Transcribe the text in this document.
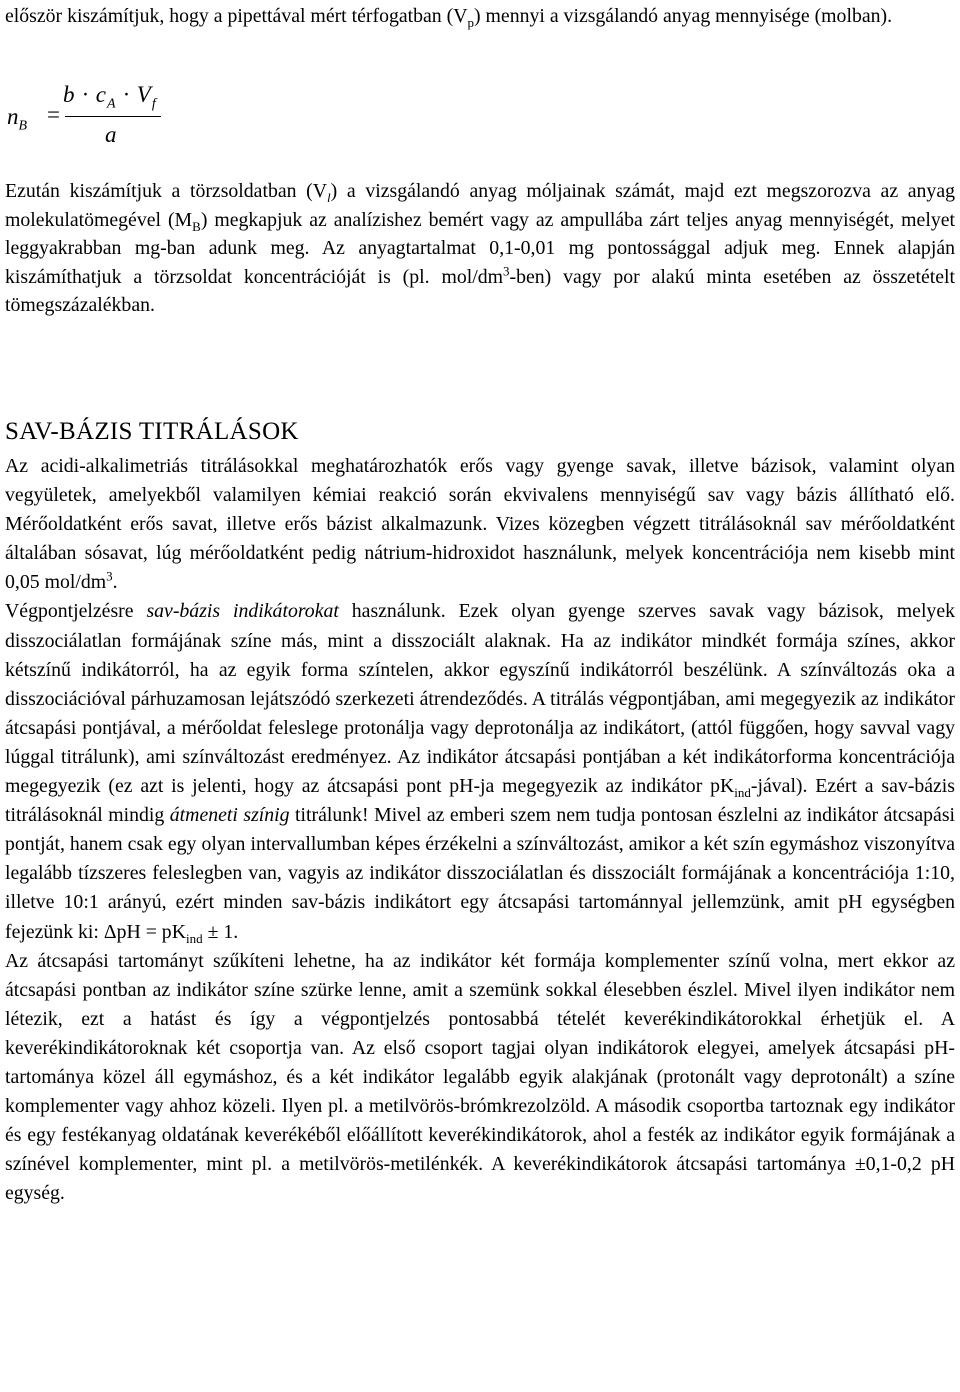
először kiszámítjuk, hogy a pipettával mért térfogatban $(V_p)$ mennyi a vizsgálandó anyag mennyisége (molban).
$n_B$ =
$b \cdot c_A \cdot V_f$
a
Ezután kiszámítjuk a törzsoldatban $(V_l)$ a vizsgálandó anyag móljainak számát, majd ezt megszorozva az anyag molekulatömegével $(M_B)$ megkapjuk az analízishez bemért vagy az ampullába zárt teljes anyag mennyiségét, melyet leggyakrabban mg-ban adunk meg. Az anyagtartalmat 0,1-0,01 mg pontossággal adjuk meg. Ennek alapján kiszámíthatjuk a törzsoldat koncentrációját is (pl. mol/$dm^3-ben$) vagy por alakú minta esetében az összetételt tömegszázalékban.
SAV-BÁZIS TITRÁLÁSOK

Az acidi-alkalimetriás titrálásokkal meghatározhatók erős vagy gyenge savak, illetve bázisok, valamint olyan vegyületek, amelyekből valamilyen kémiai reakció során ekvivalens mennyiségű sav vagy bázis állítható elő. Mérőoldatként erős savat, illetve erős bázist alkalmazunk. Vizes közegben végzett titrálásoknál sav mérőoldatként általában sósavat, lúg mérőoldatként pedig nátrium-hidroxidot használunk, melyek koncentrációja nem kisebb mint 0,05 mol/$dm^3$.

Végpontjelzésre sav-bázis indikátorokat használunk. Ezek olyan gyenge szerves savak vagy bázisok, melyek disszociálatlan formájának színe más, mint a disszociált alaknak. Ha az indikátor mindkét formája színes, akkor kétszínű indikátorról, ha az egyik forma színtelen, akkor egyszínű indikátorról beszélünk. A színváltozás oka a disszociációval párhuzamosan lejátszódó szerkezeti átrendeződés. A titrálás végpontjában, ami megegyezik az indikátor átcsapási pontjával, a mérőoldat feleslege protonálja vagy deprotonálja az indikátort, (attól függően, hogy savval vagy lúggal titrálunk), ami színváltozást eredményez. Az indikátor átcsapási pontjában a két indikátorforma koncentrációja megegyezik (ez azt is jelenti, hogy az átcsapási pont pH-ja megegyezik az indikátor $pK_{ind}-jával$). Ezért a sav-bázis titrálásoknál mindig átmeneti színig titrálunk! Mivel az emberi szem nem tudja pontosan észlelni az indikátor átcsapási pontját, hanem csak egy olyan intervallumban képes érzékelni a színváltozást, amikor a két szín egymáshoz viszonyítva legalább tízszeres feleslegben van, vagyis az indikátor disszociálatlan és disszociált formájának a koncentrációja 1:10, illetve 10:1 arányú, ezért minden sav-bázis indikátort egy átcsapási tartománnyal jellemzünk, amit pH egységben fejezünk ki: $\Delta pH = pK_{ind} \pm 1$.

Az átcsapási tartományt szűkíteni lehetne, ha az indikátor két formája komplementer színű volna, mert ekkor az átcsapási pontban az indikátor színe szürke lenne, amit a szemünk sokkal élesebben észlel. Mivel ilyen indikátor nem létezik, ezt a hatást és így a végpontjelzés pontosabbá tételét keverékindikátorokkal érhetjük el. A keverékindikátoroknak két csoportja van. Az első csoport tagjai olyan indikátorok elegyei, amelyek átcsapási pH-tartománya közel áll egymáshoz, és a két indikátor legalább egyik alakjának (protonált vagy deprotonált) a színe komplementer vagy ahhoz közeli. Ilyen pl. a metilvörös-brómkrezolzöld. A második csoportba tartoznak egy indikátor és egy festékanyag oldatának keverékéből előállított keverékindikátorok, ahol a festék az indikátor egyik formájának a színével komplementer, mint pl. a metilvörös-metilénkék. A keverékindikátorok átcsapási tartománya ±0,1-0,2 pH egység.
